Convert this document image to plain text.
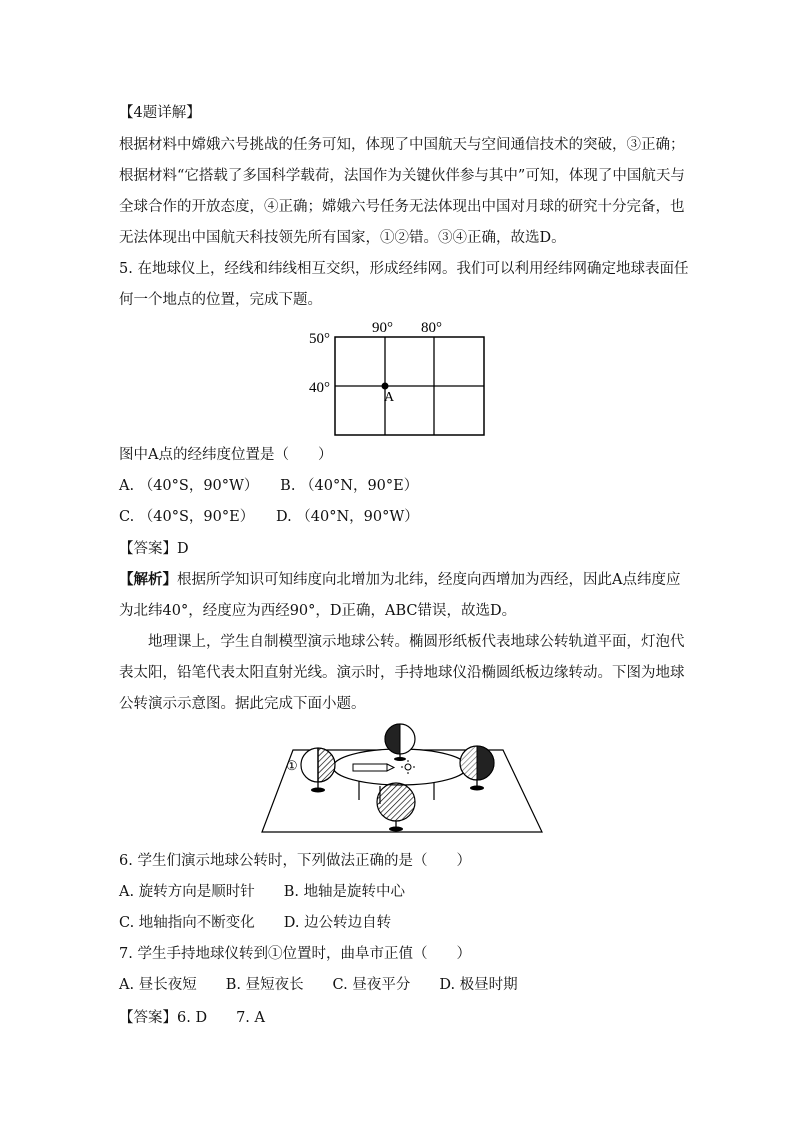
【4题详解】
根据材料中嫦娥六号挑战的任务可知，体现了中国航天与空间通信技术的突破，③正确；
根据材料“它搭载了多国科学载荷，法国作为关键伙伴参与其中”可知，体现了中国航天与
全球合作的开放态度，④正确；嫦娥六号任务无法体现出中国对月球的研究十分完备，也
无法体现出中国航天科技领先所有国家，①②错。③④正确，故选D。
5. 在地球仪上，经线和纬线相互交织，形成经纬网。我们可以利用经纬网确定地球表面任
何一个地点的位置，完成下题。
90° 80°
50°
40°
A
图中A点的经纬度位置是（　　）
A. （40°S，90°W）　　B. （40°N，90°E）
C. （40°S，90°E）　　D. （40°N，90°W）
【答案】D
【解析】根据所学知识可知纬度向北增加为北纬，经度向西增加为西经，因此A点纬度应
为北纬40°，经度应为西经90°，D正确，ABC错误，故选D。
地理课上，学生自制模型演示地球公转。椭圆形纸板代表地球公转轨道平面，灯泡代
表太阳，铅笔代表太阳直射光线。演示时，手持地球仪沿椭圆纸板边缘转动。下图为地球
公转演示示意图。据此完成下面小题。
①
6. 学生们演示地球公转时，下列做法正确的是（　　）
A. 旋转方向是顺时针　　B. 地轴是旋转中心
C. 地轴指向不断变化　　D. 边公转边自转
7. 学生手持地球仪转到①位置时，曲阜市正值（　　）
A. 昼长夜短　　B. 昼短夜长　　C. 昼夜平分　　D. 极昼时期
【答案】6. D　　7. A
